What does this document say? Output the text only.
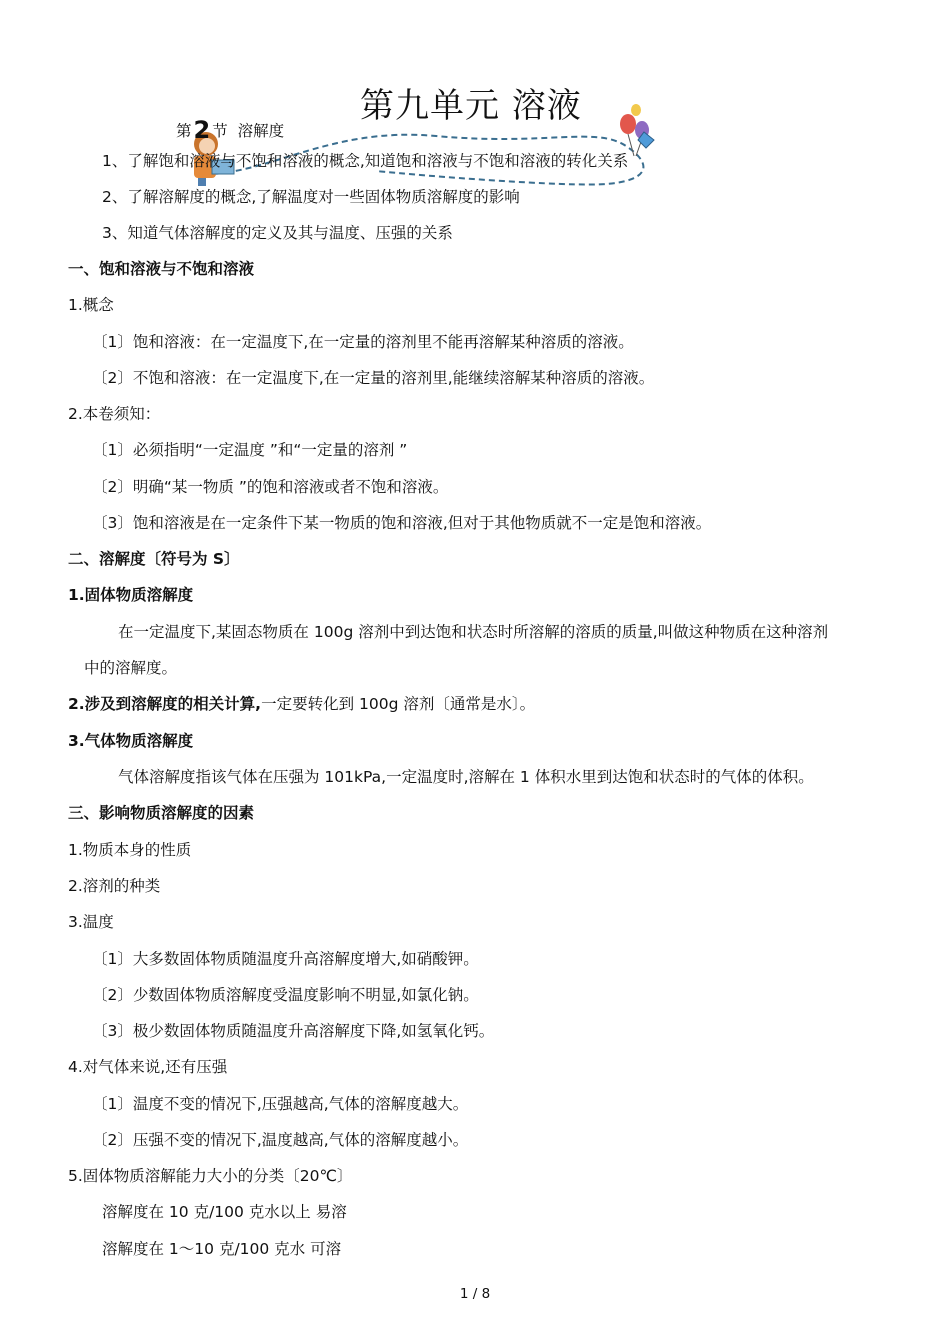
第九单元 溶液
第2 节 溶解度
1、了解饱和溶液与不饱和溶液的概念,知道饱和溶液与不饱和溶液的转化关系
2、了解溶解度的概念,了解温度对一些固体物质溶解度的影响
3、知道气体溶解度的定义及其与温度、压强的关系
一、饱和溶液与不饱和溶液
1.概念
〔1〕饱和溶液：在一定温度下,在一定量的溶剂里不能再溶解某种溶质的溶液。
〔2〕不饱和溶液：在一定温度下,在一定量的溶剂里,能继续溶解某种溶质的溶液。
2.本卷须知：
〔1〕必须指明“一定温度 ”和“一定量的溶剂 ”
〔2〕明确“某一物质 ”的饱和溶液或者不饱和溶液。
〔3〕饱和溶液是在一定条件下某一物质的饱和溶液,但对于其他物质就不一定是饱和溶液。
二、溶解度〔符号为 S〕
1.固体物质溶解度
在一定温度下,某固态物质在 100g 溶剂中到达饱和状态时所溶解的溶质的质量,叫做这种物质在这种溶剂
中的溶解度。
2.涉及到溶解度的相关计算,一定要转化到 100g 溶剂〔通常是水〕。
3.气体物质溶解度
气体溶解度指该气体在压强为 101kPa,一定温度时,溶解在 1 体积水里到达饱和状态时的气体的体积。
三、影响物质溶解度的因素
1.物质本身的性质
2.溶剂的种类
3.温度
〔1〕大多数固体物质随温度升高溶解度增大,如硝酸钾。
〔2〕少数固体物质溶解度受温度影响不明显,如氯化钠。
〔3〕极少数固体物质随温度升高溶解度下降,如氢氧化钙。
4.对气体来说,还有压强
〔1〕温度不变的情况下,压强越高,气体的溶解度越大。
〔2〕压强不变的情况下,温度越高,气体的溶解度越小。
5.固体物质溶解能力大小的分类〔20℃〕
溶解度在 10 克/100 克水以上 易溶
溶解度在 1～10 克/100 克水 可溶
1 / 8
